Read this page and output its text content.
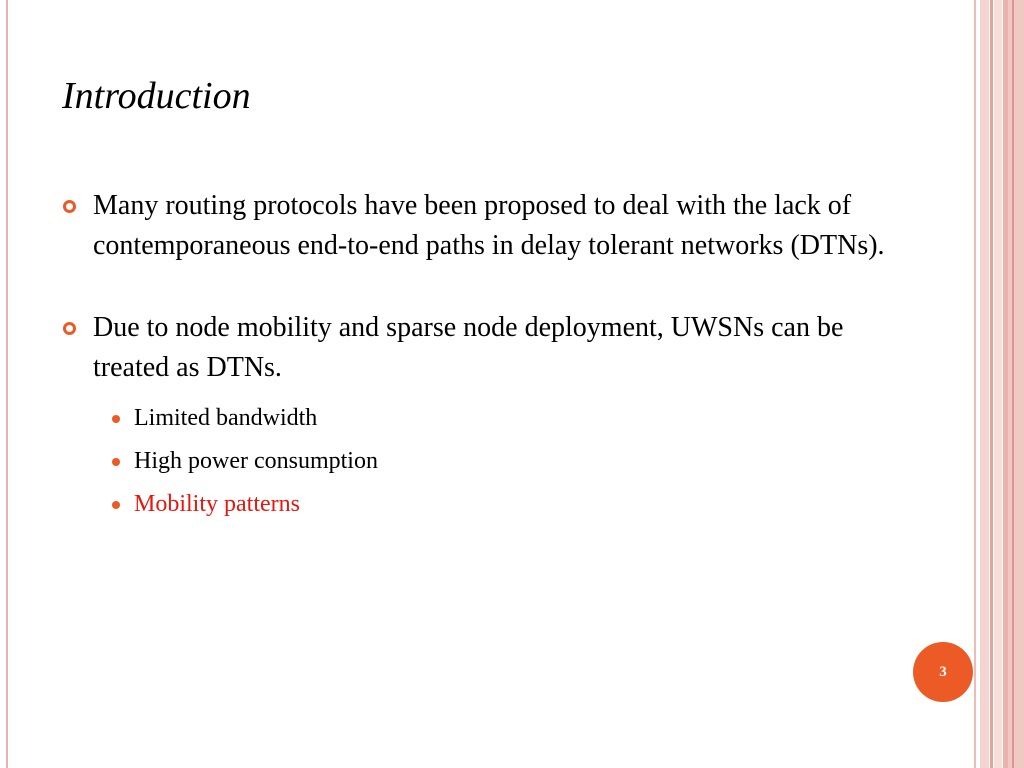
Introduction
Many routing protocols have been proposed to deal with the lack of contemporaneous end-to-end paths in delay tolerant networks (DTNs).
Due to node mobility and sparse node deployment, UWSNs can be treated as DTNs.
Limited bandwidth
High power consumption
Mobility patterns
3
